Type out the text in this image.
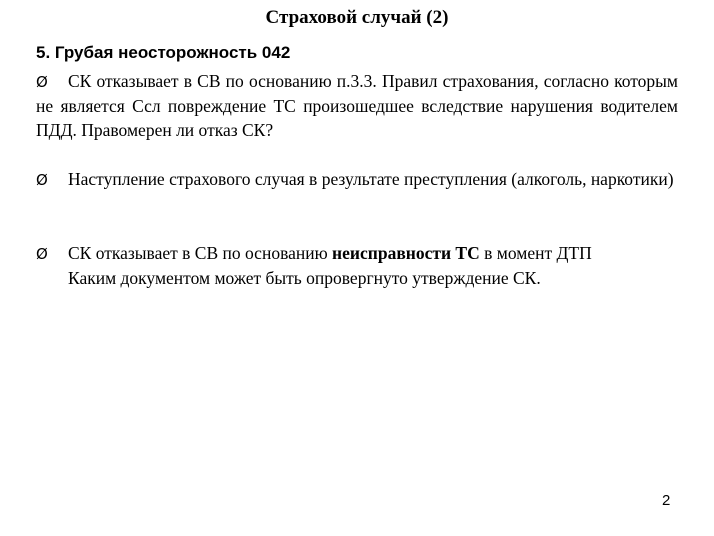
Страховой случай (2)
5. Грубая неосторожность 042
Ø СК отказывает в СВ по основанию п.3.3. Правил страхования, согласно которым не является Ссл повреждение ТС произошедшее вследствие нарушения водителем ПДД. Правомерен ли отказ СК?
Ø Наступление страхового случая в результате преступления (алкоголь, наркотики)
Ø СК отказывает в СВ по основанию неисправности ТС в момент ДТП
Каким документом может быть опровергнуто утверждение СК.
2
